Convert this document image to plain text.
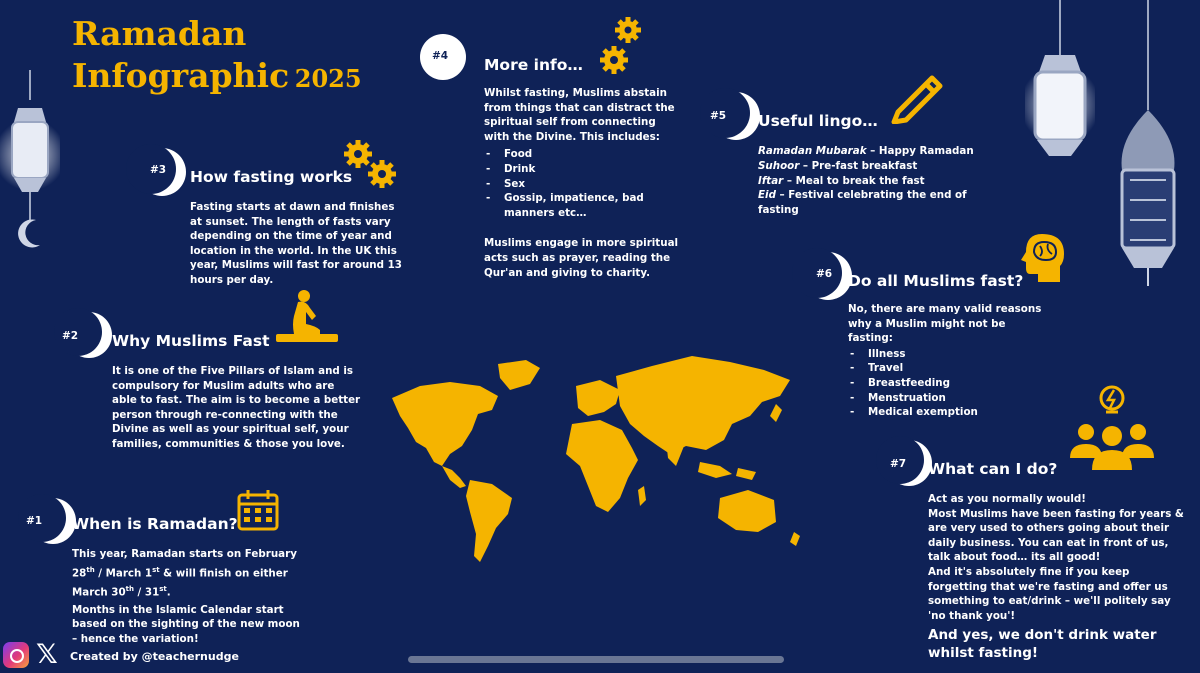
Ramadan
Infographic 2025
#3 How fasting works
Fasting starts at dawn and finishes at sunset. The length of fasts vary depending on the time of year and location in the world. In the UK this year, Muslims will fast for around 13 hours per day.
#2 Why Muslims Fast
It is one of the Five Pillars of Islam and is compulsory for Muslim adults who are able to fast. The aim is to become a better person through re-connecting with the Divine as well as your spiritual self, your families, communities & those you love.
#1 When is Ramadan?
This year, Ramadan starts on February 28th / March 1st & will finish on either March 30th / 31st.
Months in the Islamic Calendar start based on the sighting of the new moon – hence the variation!
#4 More info…
Whilst fasting, Muslims abstain from things that can distract the spiritual self from connecting with the Divine. This includes:
- Food
- Drink
- Sex
- Gossip, impatience, bad manners etc…
Muslims engage in more spiritual acts such as prayer, reading the Qur'an and giving to charity.
#5 Useful lingo…
Ramadan Mubarak – Happy Ramadan
Suhoor – Pre-fast breakfast
Iftar – Meal to break the fast
Eid – Festival celebrating the end of fasting
#6 Do all Muslims fast?
No, there are many valid reasons why a Muslim might not be fasting:
- Illness
- Travel
- Breastfeeding
- Menstruation
- Medical exemption
#7 What can I do?
Act as you normally would!
Most Muslims have been fasting for years & are very used to others going about their daily business. You can eat in front of us, talk about food… its all good!
And it's absolutely fine if you keep forgetting that we're fasting and offer us something to eat/drink – we'll politely say 'no thank you'!
And yes, we don't drink water whilst fasting!
𝕏 Created by @teachernudge
